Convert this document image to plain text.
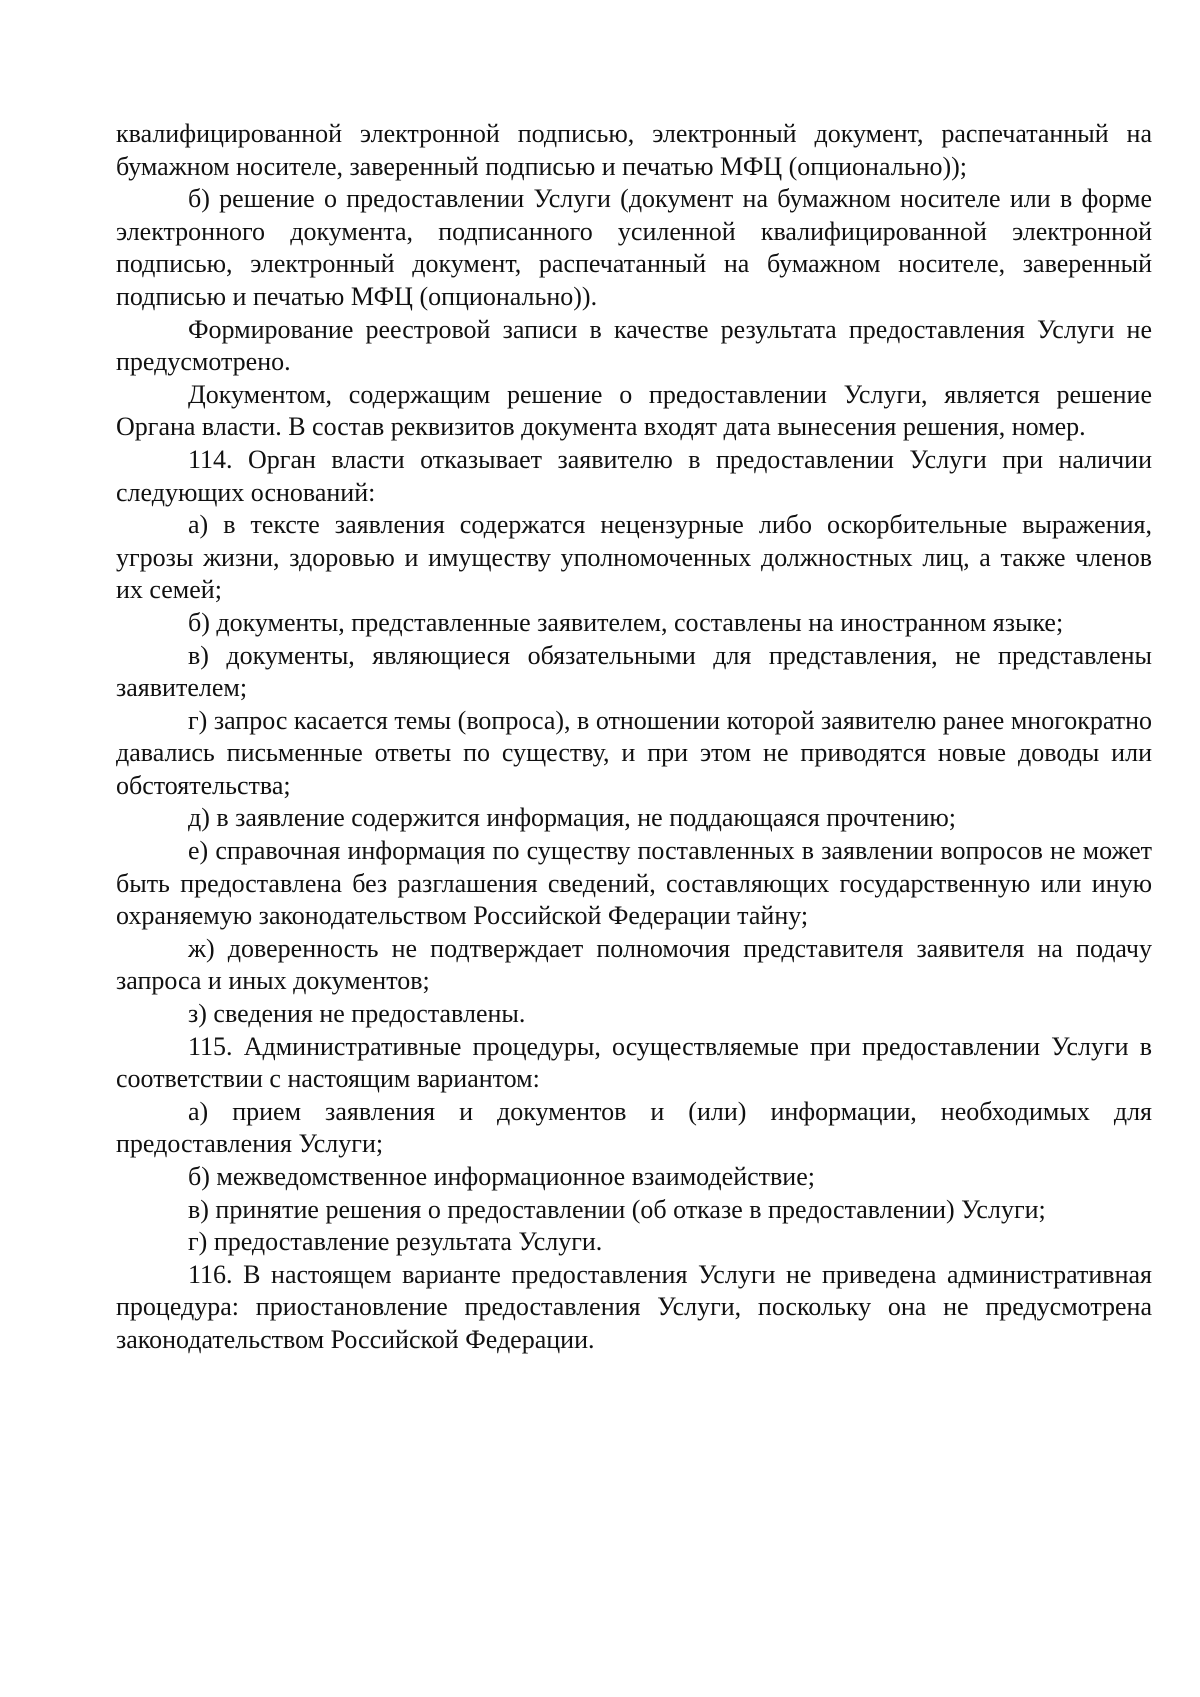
квалифицированной электронной подписью, электронный документ, распечатанный на бумажном носителе, заверенный подписью и печатью МФЦ (опционально));

б) решение о предоставлении Услуги (документ на бумажном носителе или в форме электронного документа, подписанного усиленной квалифицированной электронной подписью, электронный документ, распечатанный на бумажном носителе, заверенный подписью и печатью МФЦ (опционально)).

Формирование реестровой записи в качестве результата предоставления Услуги не предусмотрено.

Документом, содержащим решение о предоставлении Услуги, является решение Органа власти. В состав реквизитов документа входят дата вынесения решения, номер.

114. Орган власти отказывает заявителю в предоставлении Услуги при наличии следующих оснований:

а) в тексте заявления содержатся нецензурные либо оскорбительные выражения, угрозы жизни, здоровью и имуществу уполномоченных должностных лиц, а также членов их семей;

б) документы, представленные заявителем, составлены на иностранном языке;

в) документы, являющиеся обязательными для представления, не представлены заявителем;

г) запрос касается темы (вопроса), в отношении которой заявителю ранее многократно давались письменные ответы по существу, и при этом не приводятся новые доводы или обстоятельства;

д) в заявление содержится информация, не поддающаяся прочтению;

е) справочная информация по существу поставленных в заявлении вопросов не может быть предоставлена без разглашения сведений, составляющих государственную или иную охраняемую законодательством Российской Федерации тайну;

ж) доверенность не подтверждает полномочия представителя заявителя на подачу запроса и иных документов;

з) сведения не предоставлены.

115. Административные процедуры, осуществляемые при предоставлении Услуги в соответствии с настоящим вариантом:

а) прием заявления и документов и (или) информации, необходимых для предоставления Услуги;

б) межведомственное информационное взаимодействие;

в) принятие решения о предоставлении (об отказе в предоставлении) Услуги;

г) предоставление результата Услуги.

116. В настоящем варианте предоставления Услуги не приведена административная процедура: приостановление предоставления Услуги, поскольку она не предусмотрена законодательством Российской Федерации.
